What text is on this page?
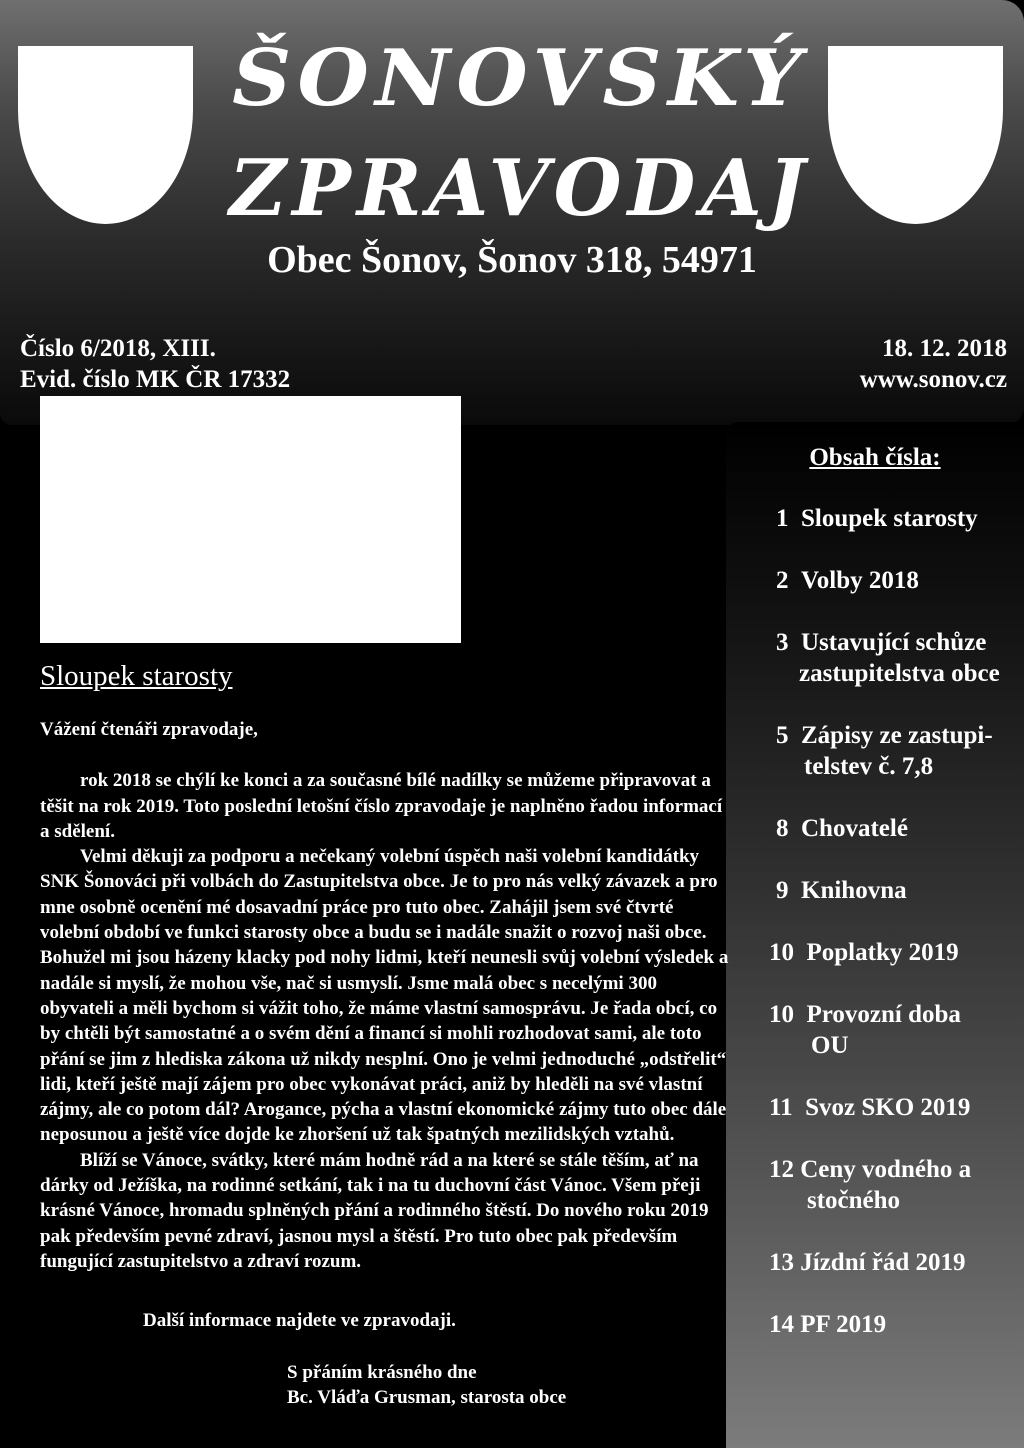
ŠONOVSKÝ
ZPRAVODAJ
Obec Šonov, Šonov 318, 54971
Číslo 6/2018, XIII.
Evid. číslo MK ČR 17332
18. 12. 2018
www.sonov.cz
Obsah čísla:
1 Sloupek starosty
2 Volby 2018
3 Ustavující schůze
zastupitelstva obce
5 Zápisy ze zastupi-
telstev č. 7,8
8 Chovatelé
9 Knihovna
10 Poplatky 2019
10 Provozní doba
OU
11 Svoz SKO 2019
12 Ceny vodného a
stočného
13 Jízdní řád 2019
14 PF 2019
Sloupek starosty

Vážení čtenáři zpravodaje,

rok 2018 se chýlí ke konci a za současné bílé nadílky se můžeme připravovat a těšit na rok 2019. Toto poslední letošní číslo zpravodaje je naplněno řadou informací a sdělení.

Velmi děkuji za podporu a nečekaný volební úspěch naši volební kandidátky SNK Šonováci při volbách do Zastupitelstva obce. Je to pro nás velký závazek a pro mne osobně ocenění mé dosavadní práce pro tuto obec. Zahájil jsem své čtvrté volební období ve funkci starosty obce a budu se i nadále snažit o rozvoj naši obce. Bohužel mi jsou házeny klacky pod nohy lidmi, kteří neunesli svůj volební výsledek a nadále si myslí, že mohou vše, nač si usmyslí. Jsme malá obec s necelými 300 obyvateli a měli bychom si vážit toho, že máme vlastní samosprávu. Je řada obcí, co by chtěli být samostatné a o svém dění a financí si mohli rozhodovat sami, ale toto přání se jim z hlediska zákona už nikdy nesplní. Ono je velmi jednoduché „odstřelit“ lidi, kteří ještě mají zájem pro obec vykonávat práci, aniž by hleděli na své vlastní zájmy, ale co potom dál? Arogance, pýcha a vlastní ekonomické zájmy tuto obec dále neposunou a ještě více dojde ke zhoršení už tak špatných mezilidských vztahů.

Blíží se Vánoce, svátky, které mám hodně rád a na které se stále těším, ať na dárky od Ježíška, na rodinné setkání, tak i na tu duchovní část Vánoc. Všem přeji krásné Vánoce, hromadu splněných přání a rodinného štěstí. Do nového roku 2019 pak především pevné zdraví, jasnou mysl a štěstí. Pro tuto obec pak především fungující zastupitelstvo a zdraví rozum.

Další informace najdete ve zpravodaji.
S přáním krásného dne
Bc. Vláďa Grusman, starosta obce
